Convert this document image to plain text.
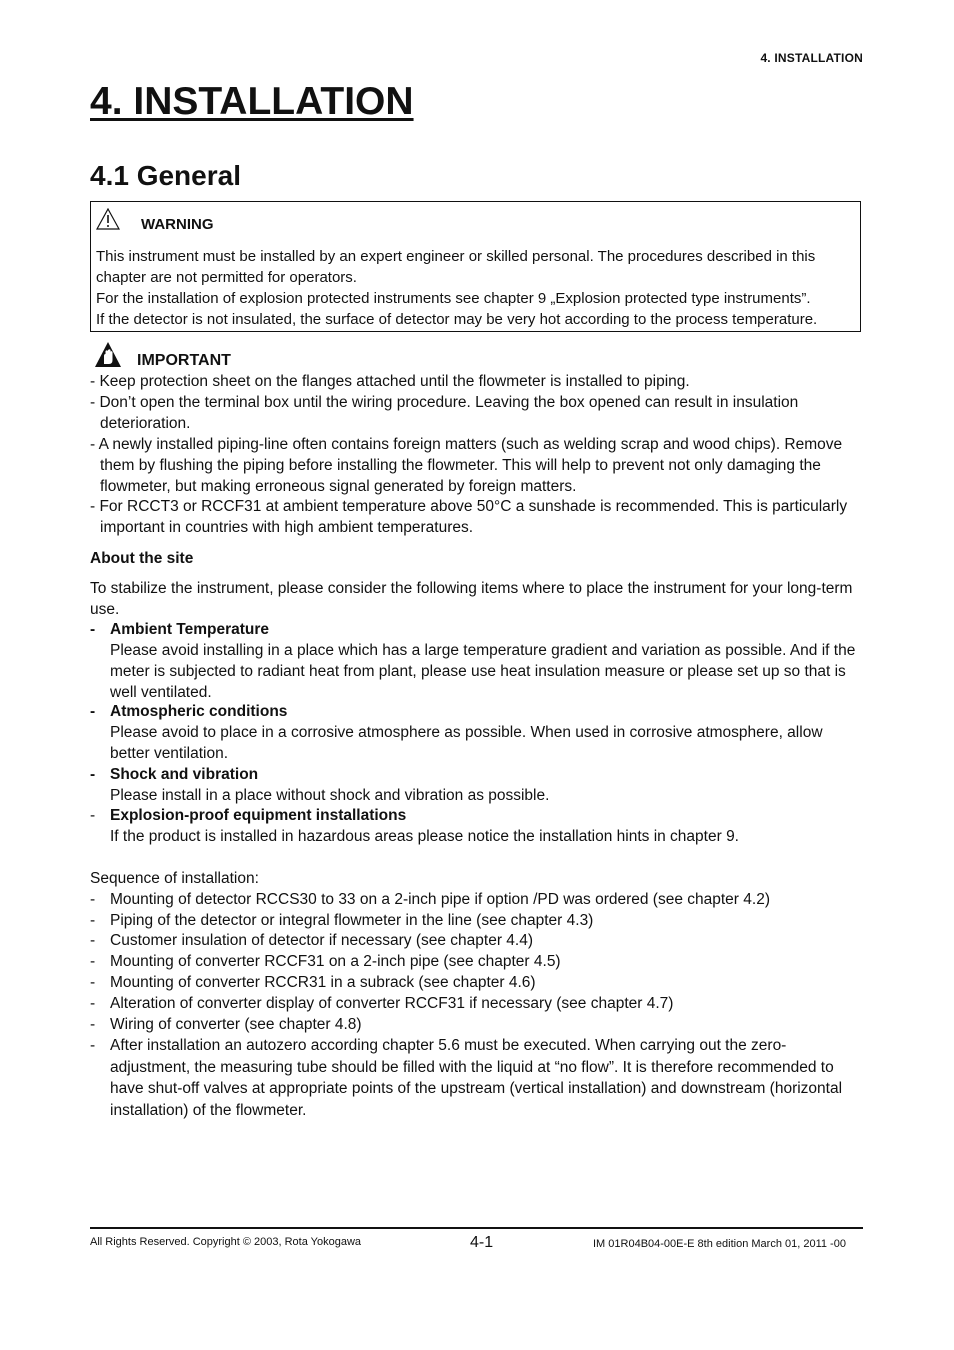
4. INSTALLATION
4. INSTALLATION
4.1 General
WARNING
This instrument must be installed by an expert engineer or skilled personal. The procedures described in this
chapter are not permitted for operators.
For the installation of explosion protected instruments see chapter 9 „Explosion protected type instruments”.
If the detector is not insulated, the surface of detector may be very hot according to the process temperature.
IMPORTANT
- Keep protection sheet on the flanges attached until the flowmeter is installed to piping.
- Don’t open the terminal box until the wiring procedure. Leaving the box opened can result in insulation deterioration.
- A newly installed piping-line often contains foreign matters (such as welding scrap and wood chips). Remove them by flushing the piping before installing the flowmeter. This will help to prevent not only damaging the flowmeter, but making erroneous signal generated by foreign matters.
- For RCCT3 or RCCF31 at ambient temperature above 50°C a sunshade is recommended. This is particularly important in countries with high ambient temperatures.
About the site
To stabilize the instrument, please consider the following items where to place the instrument for your long-term use.
- Ambient Temperature
Please avoid installing in a place which has a large temperature gradient and variation as possible. And if the meter is subjected to radiant heat from plant, please use heat insulation measure or please set up so that is well ventilated.
- Atmospheric conditions
Please avoid to place in a corrosive atmosphere as possible. When used in corrosive atmosphere, allow better ventilation.
- Shock and vibration
Please install in a place without shock and vibration as possible.
- Explosion-proof equipment installations
If the product is installed in hazardous areas please notice the installation hints in chapter 9.
Sequence of installation:
- Mounting of detector RCCS30 to 33 on a 2-inch pipe if option /PD was ordered (see chapter 4.2)
- Piping of the detector or integral flowmeter in the line (see chapter 4.3)
- Customer insulation of detector if necessary (see chapter 4.4)
- Mounting of converter RCCF31 on a 2-inch pipe (see chapter 4.5)
- Mounting of converter RCCR31 in a subrack (see chapter 4.6)
- Alteration of converter display of converter RCCF31 if necessary (see chapter 4.7)
- Wiring of converter (see chapter 4.8)
- After installation an autozero according chapter 5.6 must be executed. When carrying out the zero-adjustment, the measuring tube should be filled with the liquid at “no flow”. It is therefore recommended to have shut-off valves at appropriate points of the upstream (vertical installation) and downstream (horizontal installation) of the flowmeter.
All Rights Reserved. Copyright © 2003, Rota Yokogawa	4-1	IM 01R04B04-00E-E 8th edition March 01, 2011 -00
